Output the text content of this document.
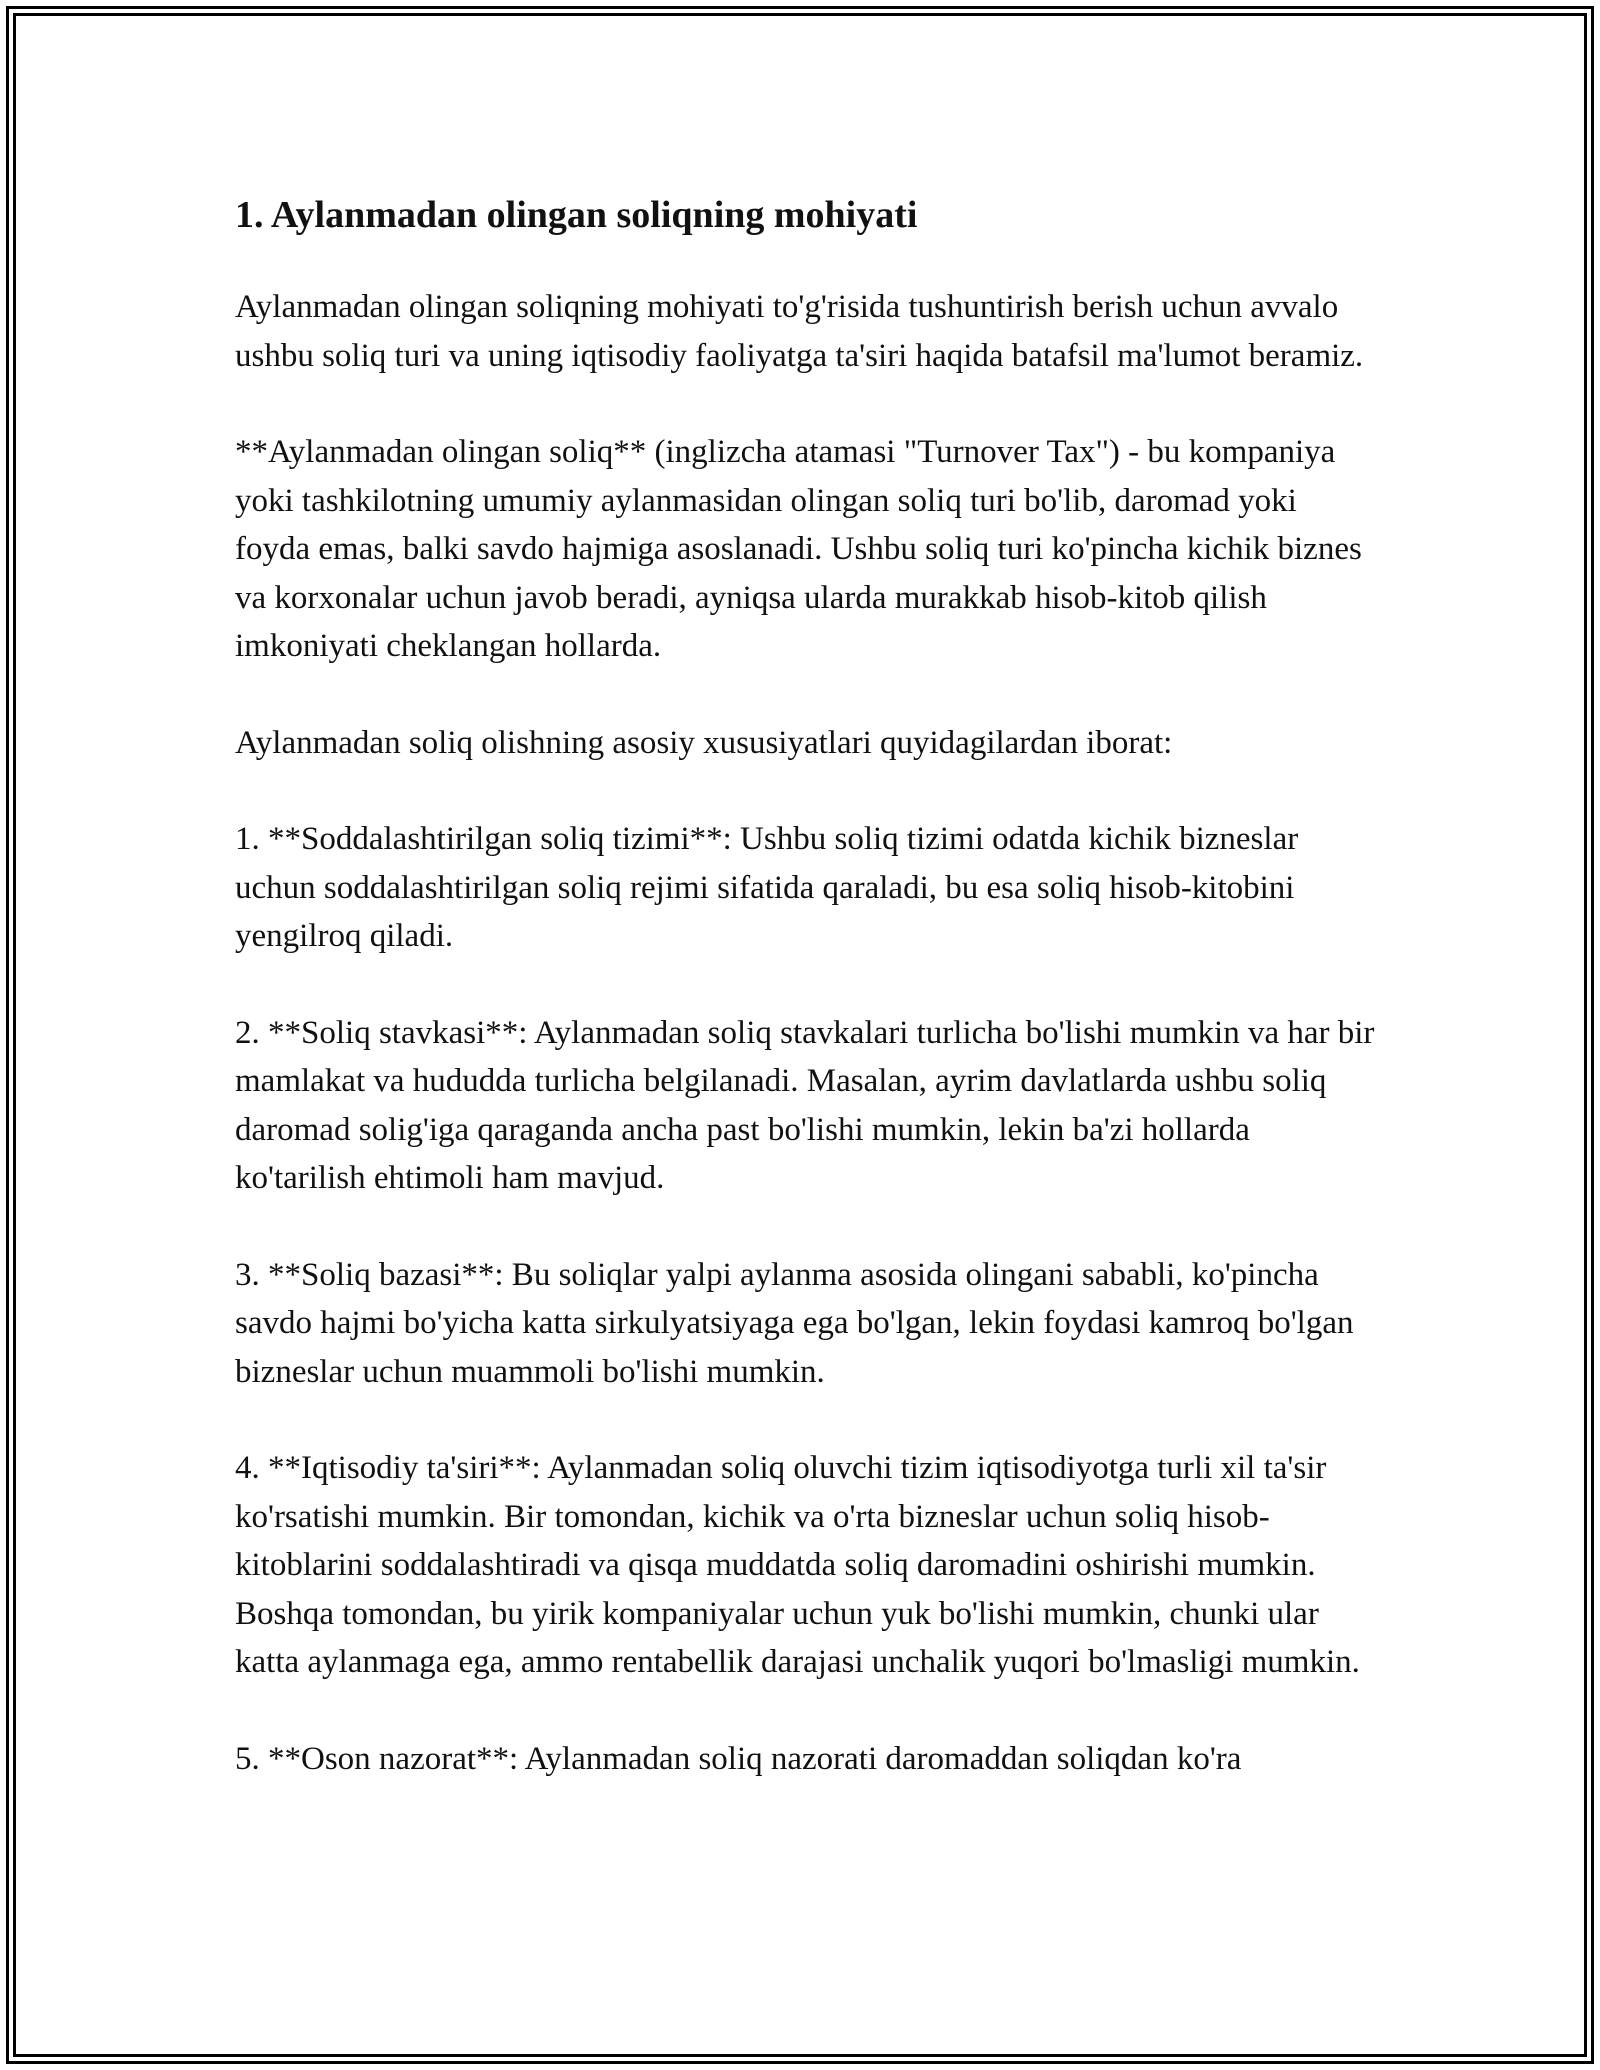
1. Aylanmadan olingan soliqning mohiyati

Aylanmadan olingan soliqning mohiyati to'g'risida tushuntirish berish uchun avvalo ushbu soliq turi va uning iqtisodiy faoliyatga ta'siri haqida batafsil ma'lumot beramiz.

**Aylanmadan olingan soliq** (inglizcha atamasi "Turnover Tax") - bu kompaniya yoki tashkilotning umumiy aylanmasidan olingan soliq turi bo'lib, daromad yoki foyda emas, balki savdo hajmiga asoslanadi. Ushbu soliq turi ko'pincha kichik biznes va korxonalar uchun javob beradi, ayniqsa ularda murakkab hisob-kitob qilish imkoniyati cheklangan hollarda.

Aylanmadan soliq olishning asosiy xususiyatlari quyidagilardan iborat:

1. **Soddalashtirilgan soliq tizimi**: Ushbu soliq tizimi odatda kichik bizneslar uchun soddalashtirilgan soliq rejimi sifatida qaraladi, bu esa soliq hisob-kitobini yengilroq qiladi.

2. **Soliq stavkasi**: Aylanmadan soliq stavkalari turlicha bo'lishi mumkin va har bir mamlakat va hududda turlicha belgilanadi. Masalan, ayrim davlatlarda ushbu soliq daromad solig'iga qaraganda ancha past bo'lishi mumkin, lekin ba'zi hollarda ko'tarilish ehtimoli ham mavjud.

3. **Soliq bazasi**: Bu soliqlar yalpi aylanma asosida olingani sababli, ko'pincha savdo hajmi bo'yicha katta sirkulyatsiyaga ega bo'lgan, lekin foydasi kamroq bo'lgan bizneslar uchun muammoli bo'lishi mumkin.

4. **Iqtisodiy ta'siri**: Aylanmadan soliq oluvchi tizim iqtisodiyotga turli xil ta'sir ko'rsatishi mumkin. Bir tomondan, kichik va o'rta bizneslar uchun soliq hisob-kitoblarini soddalashtiradi va qisqa muddatda soliq daromadini oshirishi mumkin. Boshqa tomondan, bu yirik kompaniyalar uchun yuk bo'lishi mumkin, chunki ular katta aylanmaga ega, ammo rentabellik darajasi unchalik yuqori bo'lmasligi mumkin.

5. **Oson nazorat**: Aylanmadan soliq nazorati daromaddan soliqdan ko'ra
